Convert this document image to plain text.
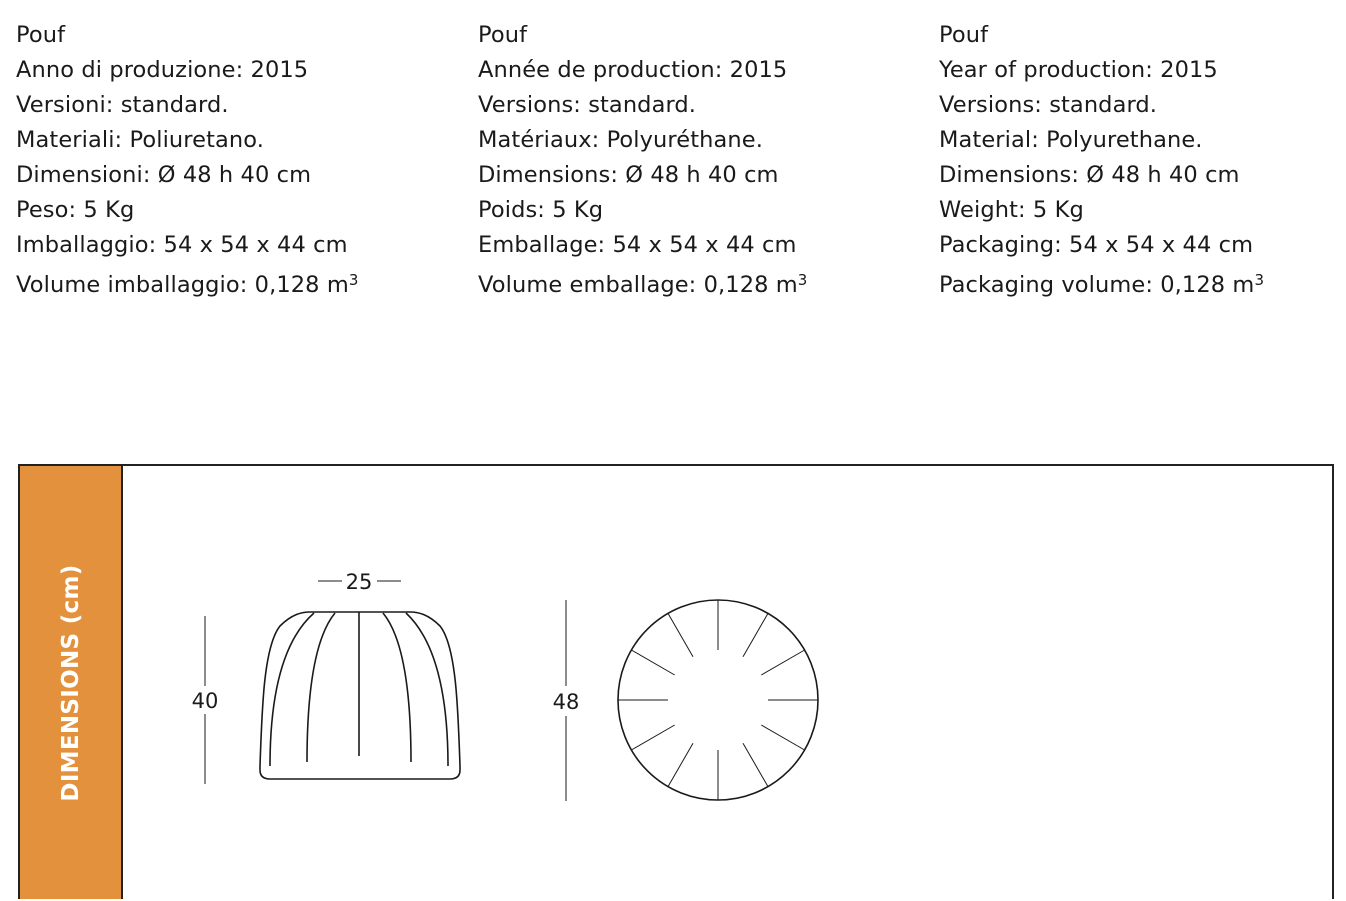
Pouf
Anno di produzione: 2015
Versioni: standard.
Materiali: Poliuretano.
Dimensioni: Ø 48 h 40 cm
Peso: 5 Kg
Imballaggio: 54 x 54 x 44 cm
Volume imballaggio: 0,128 $m^3$
Pouf
Année de production: 2015
Versions: standard.
Matériaux: Polyuréthane.
Dimensions: Ø 48 h 40 cm
Poids: 5 Kg
Emballage: 54 x 54 x 44 cm
Volume emballage: 0,128 $m^3$
Pouf
Year of production: 2015
Versions: standard.
Material: Polyurethane.
Dimensions: Ø 48 h 40 cm
Weight: 5 Kg
Packaging: 54 x 54 x 44 cm
Packaging volume: 0,128 $m^3$
DIMENSIONS (cm)	25
40	48
